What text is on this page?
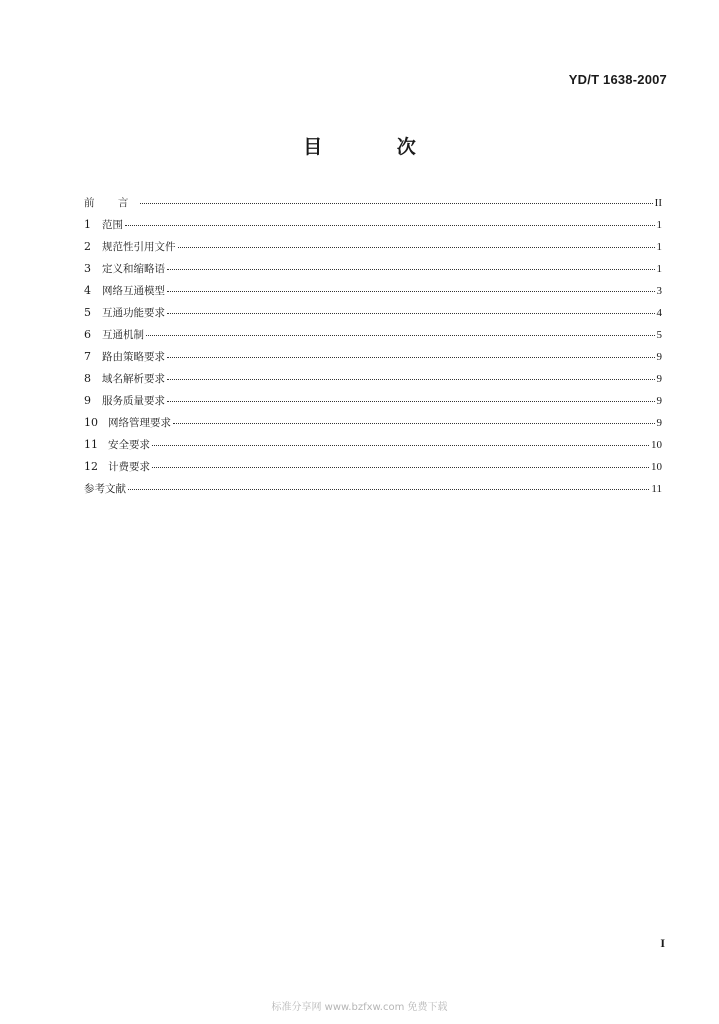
YD/T 1638-2007
目 次
前 言	II
1	范围	1
2	规范性引用文件	1
3	定义和缩略语	1
4	网络互通模型	3
5	互通功能要求	4
6	互通机制	5
7	路由策略要求	9
8	域名解析要求	9
9	服务质量要求	9
10 网络管理要求	9
11 安全要求	10
12 计费要求	10
参考文献	11
I
标准分享网 www.bzfxw.com 免费下载
